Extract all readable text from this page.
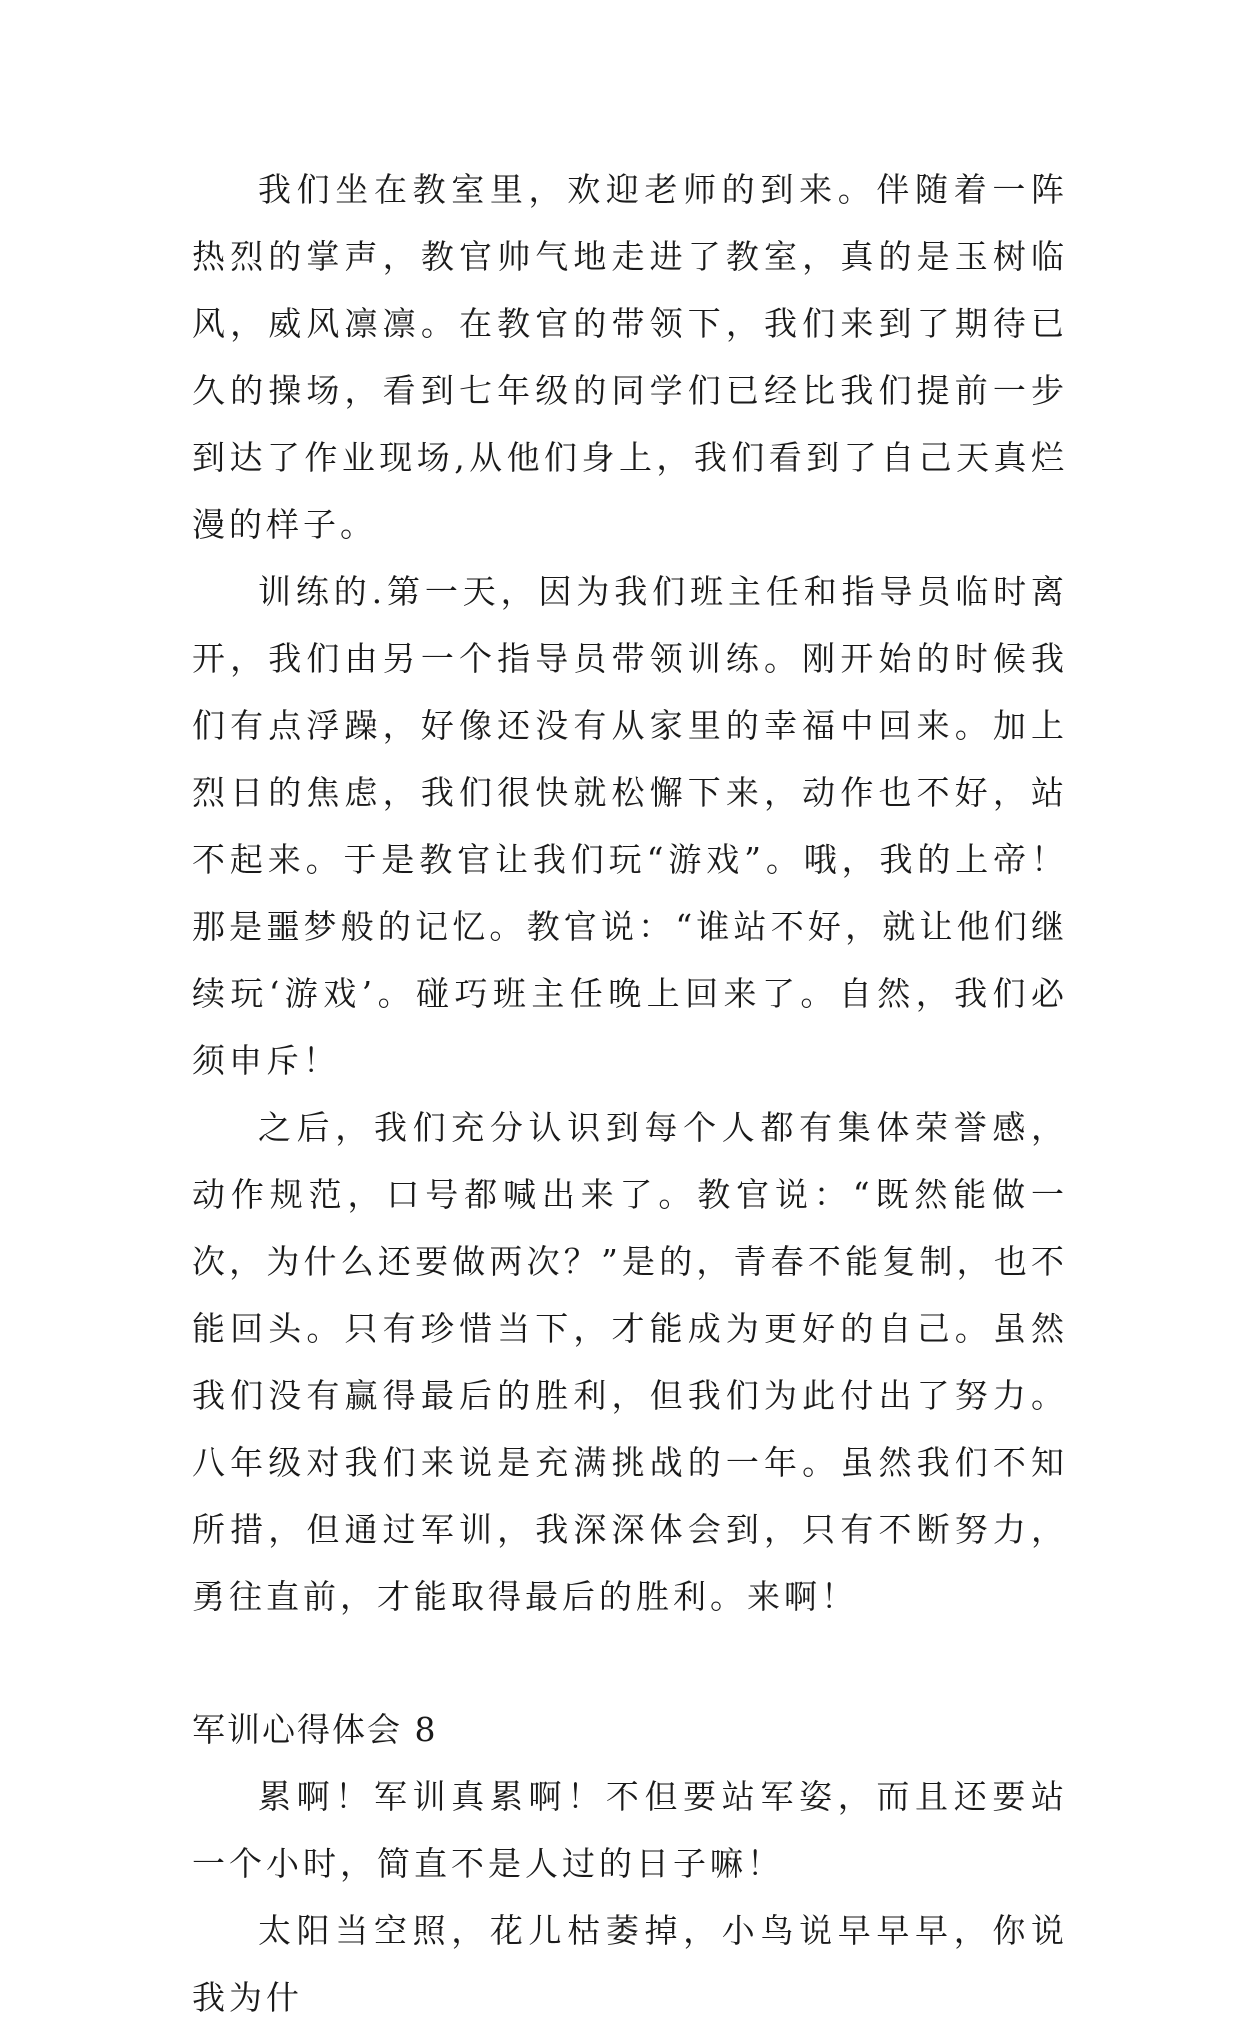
我们坐在教室里，欢迎老师的到来。伴随着一阵热烈的掌声，教官帅气地走进了教室，真的是玉树临风，威风凛凛。在教官的带领下，我们来到了期待已久的操场，看到七年级的同学们已经比我们提前一步到达了作业现场,从他们身上，我们看到了自己天真烂漫的样子。

训练的.第一天，因为我们班主任和指导员临时离开，我们由另一个指导员带领训练。刚开始的时候我们有点浮躁，好像还没有从家里的幸福中回来。加上烈日的焦虑，我们很快就松懈下来，动作也不好，站不起来。于是教官让我们玩“游戏”。哦，我的上帝！那是噩梦般的记忆。教官说：“谁站不好，就让他们继续玩‘游戏’。碰巧班主任晚上回来了。自然，我们必须申斥！

之后，我们充分认识到每个人都有集体荣誉感，动作规范，口号都喊出来了。教官说：“既然能做一次，为什么还要做两次？”是的，青春不能复制，也不能回头。只有珍惜当下，才能成为更好的自己。虽然我们没有赢得最后的胜利，但我们为此付出了努力。八年级对我们来说是充满挑战的一年。虽然我们不知所措，但通过军训，我深深体会到，只有不断努力，勇往直前，才能取得最后的胜利。来啊！

军训心得体会 8

累啊！军训真累啊！不但要站军姿，而且还要站一个小时，简直不是人过的日子嘛！

太阳当空照，花儿枯萎掉，小鸟说早早早，你说我为什
